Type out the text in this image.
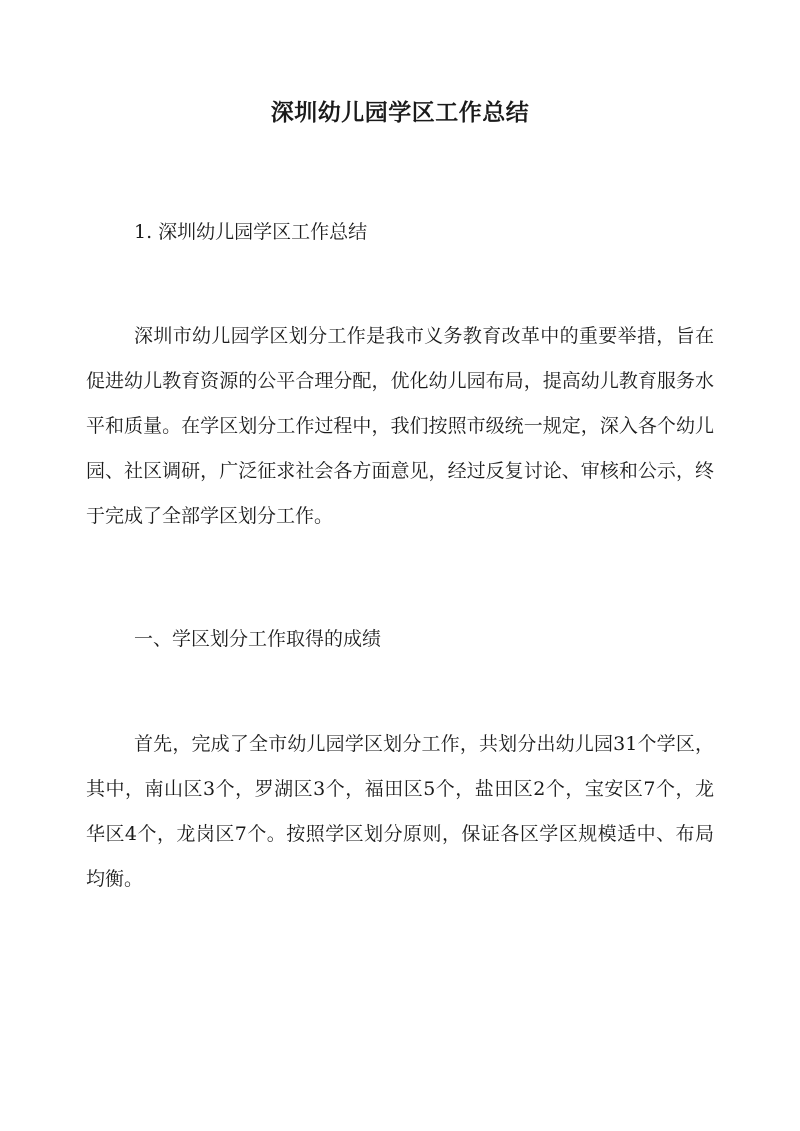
深圳幼儿园学区工作总结

1. 深圳幼儿园学区工作总结

深圳市幼儿园学区划分工作是我市义务教育改革中的重要举措，旨在促进幼儿教育资源的公平合理分配，优化幼儿园布局，提高幼儿教育服务水平和质量。在学区划分工作过程中，我们按照市级统一规定，深入各个幼儿园、社区调研，广泛征求社会各方面意见，经过反复讨论、审核和公示，终于完成了全部学区划分工作。

一、学区划分工作取得的成绩

首先，完成了全市幼儿园学区划分工作，共划分出幼儿园31个学区，其中，南山区3个，罗湖区3个，福田区5个，盐田区2个，宝安区7个，龙华区4个，龙岗区7个。按照学区划分原则，保证各区学区规模适中、布局均衡。
